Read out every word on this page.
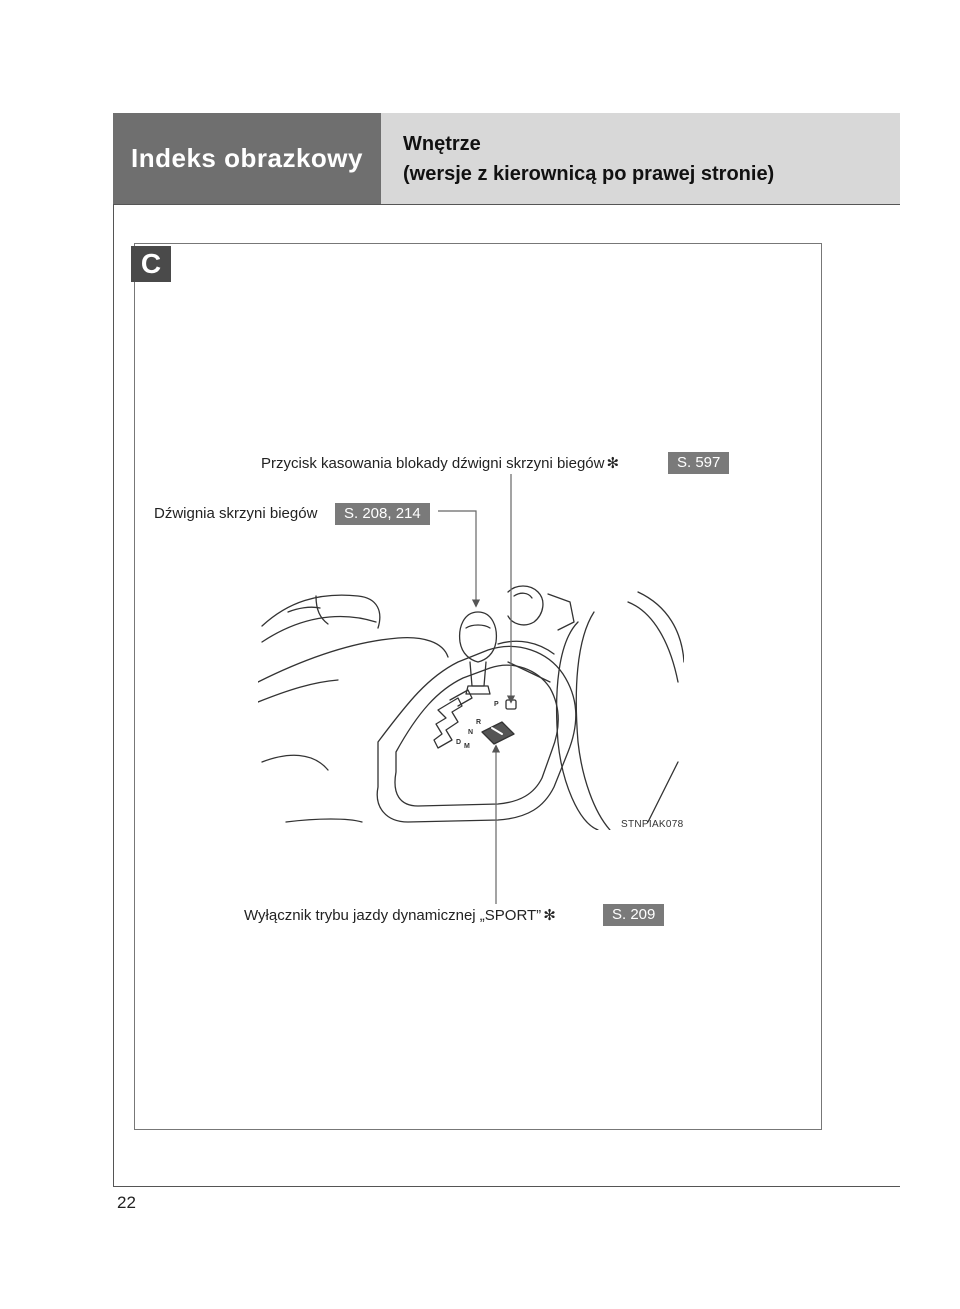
Indeks obrazkowy Wnętrze
(wersje z kierownicą po prawej stronie)
C
Przycisk kasowania blokady dźwigni skrzyni biegów ✻	S. 597
Dźwignia skrzyni biegów	S. 208, 214
Wyłącznik trybu jazdy dynamicznej „SPORT” ✻	S. 209
P
R
N
D
M
STNPIAK078
22
